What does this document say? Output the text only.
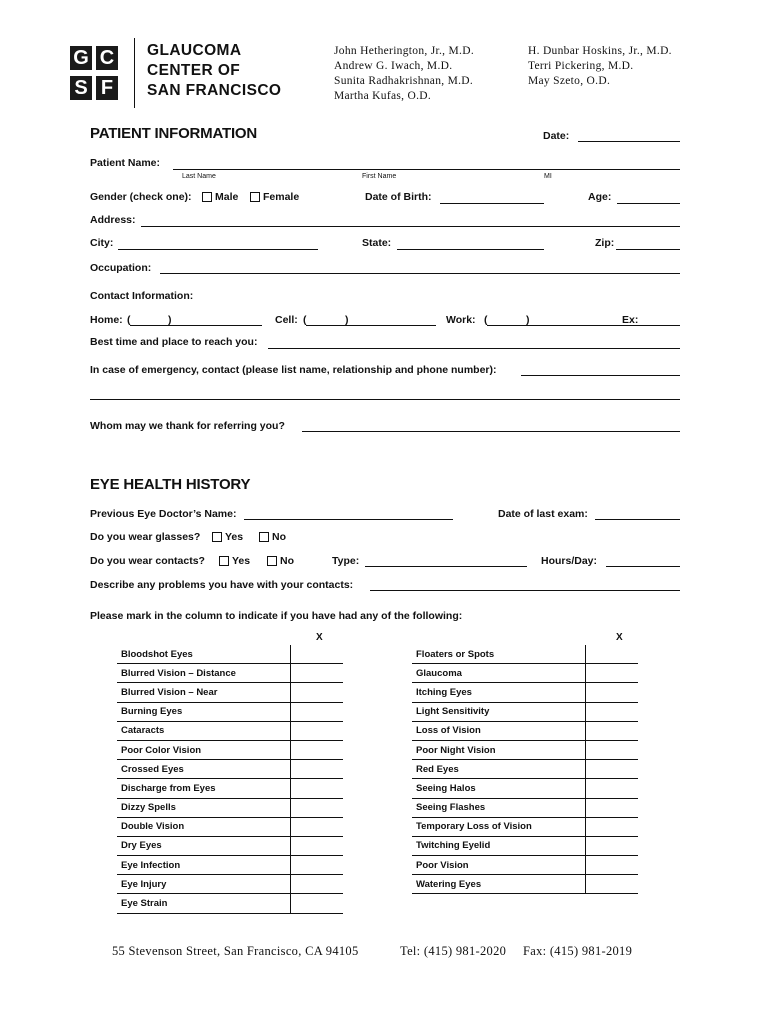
G C
S F
GLAUCOMA
CENTER OF
SAN FRANCISCO
John Hetherington, Jr., M.D.
Andrew G. Iwach, M.D.
Sunita Radhakrishnan, M.D.
Martha Kufas, O.D.
H. Dunbar Hoskins, Jr., M.D.
Terri Pickering, M.D.
May Szeto, O.D.
PATIENT INFORMATION	Date:
Patient Name:
Last Name	First Name	MI
Gender (check one):	Male	Female	Date of Birth:	Age:
Address:
City:	State:	Zip:
Occupation:
Contact Information:
Home: (	)	Cell: (	)	Work: (	)	Ex:
Best time and place to reach you:
In case of emergency, contact (please list name, relationship and phone number):
Whom may we thank for referring you?
EYE HEALTH HISTORY
Previous Eye Doctor’s Name:	Date of last exam:
Do you wear glasses?	Yes	No
Do you wear contacts?	Yes	No	Type:	Hours/Day:
Describe any problems you have with your contacts:
Please mark in the column to indicate if you have had any of the following:
X	X
Bloodshot Eyes	
Blurred Vision – Distance	
Blurred Vision – Near	
Burning Eyes	
Cataracts	
Poor Color Vision	
Crossed Eyes	
Discharge from Eyes	
Dizzy Spells	
Double Vision	
Dry Eyes	
Eye Infection	
Eye Injury	
Eye Strain	
Floaters or Spots	
Glaucoma	
Itching Eyes	
Light Sensitivity	
Loss of Vision	
Poor Night Vision	
Red Eyes	
Seeing Halos	
Seeing Flashes	
Temporary Loss of Vision	
Twitching Eyelid	
Poor Vision	
Watering Eyes	
55 Stevenson Street, San Francisco, CA 94105	Tel: (415) 981-2020 Fax: (415) 981-2019
